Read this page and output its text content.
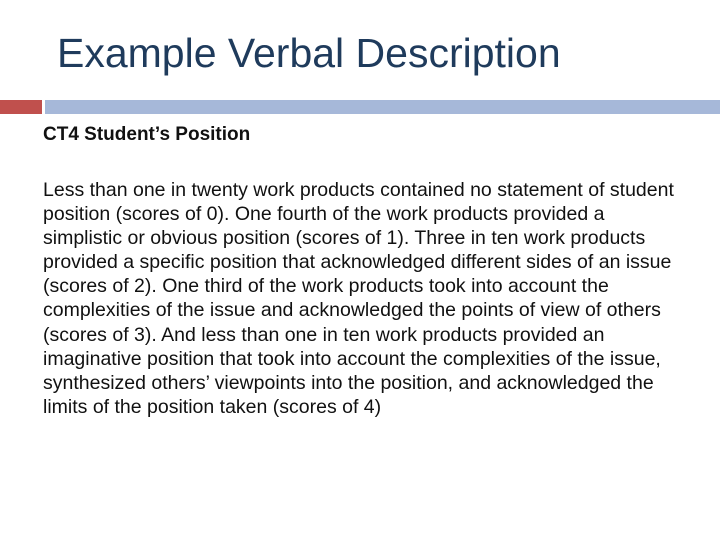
Example Verbal Description

CT4 Student’s Position

Less than one in twenty work products contained no statement of student position (scores of 0). One fourth of the work products provided a simplistic or obvious position (scores of 1). Three in ten work products provided a specific position that acknowledged different sides of an issue (scores of 2). One third of the work products took into account the complexities of the issue and acknowledged the points of view of others (scores of 3). And less than one in ten work products provided an imaginative position that took into account the complexities of the issue, synthesized others’ viewpoints into the position, and acknowledged the limits of the position taken (scores of 4)
